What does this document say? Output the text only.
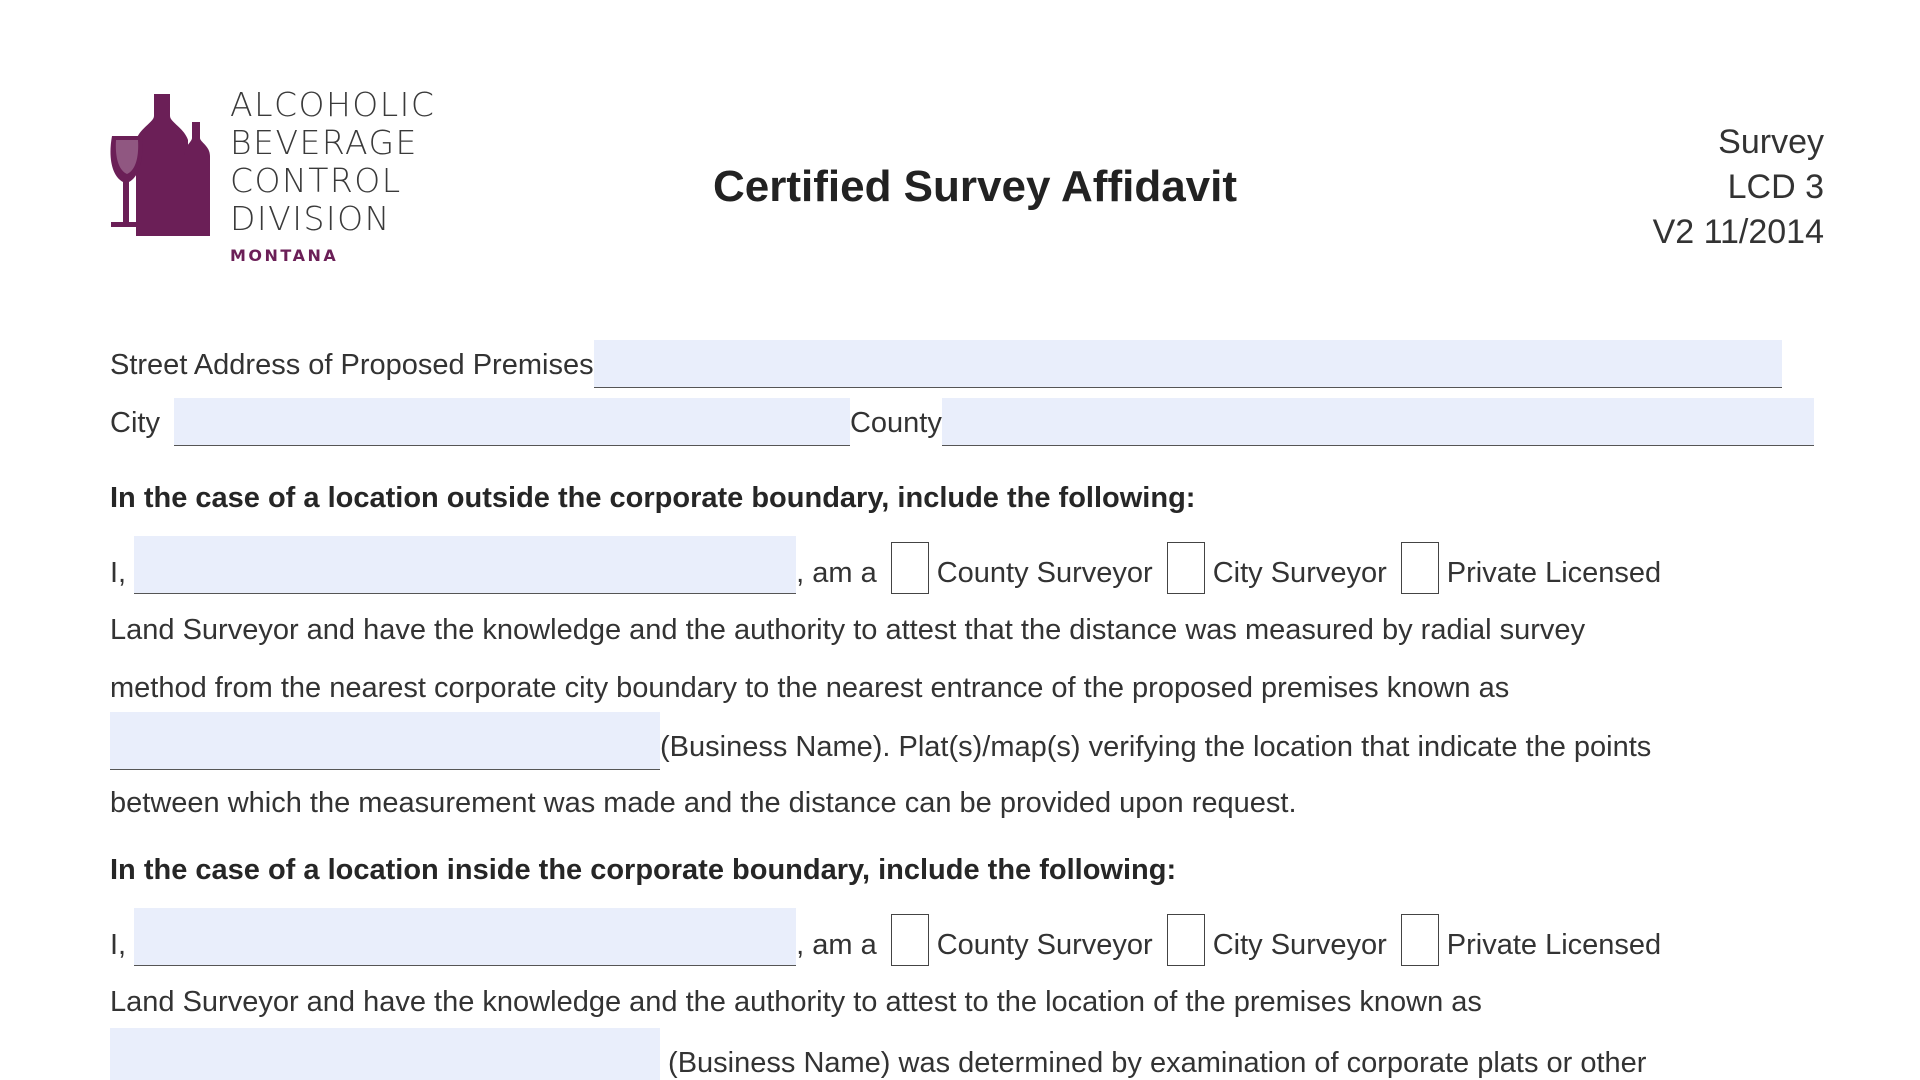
ALCOHOLIC
BEVERAGE
CONTROL
DIVISION
MONTANA
Certified Survey Affidavit
Survey
LCD 3
V2 11/2014
Street Address of Proposed Premises
City	County
In the case of a location outside the corporate boundary, include the following:
I,	, am a County Surveyor City Surveyor Private Licensed
Land Surveyor and have the knowledge and the authority to attest that the distance was measured by radial survey
method from the nearest corporate city boundary to the nearest entrance of the proposed premises known as
(Business Name). Plat(s)/map(s) verifying the location that indicate the points
between which the measurement was made and the distance can be provided upon request.
In the case of a location inside the corporate boundary, include the following:
I,	, am a County Surveyor City Surveyor Private Licensed
Land Surveyor and have the knowledge and the authority to attest to the location of the premises known as
(Business Name) was determined by examination of corporate plats or other
